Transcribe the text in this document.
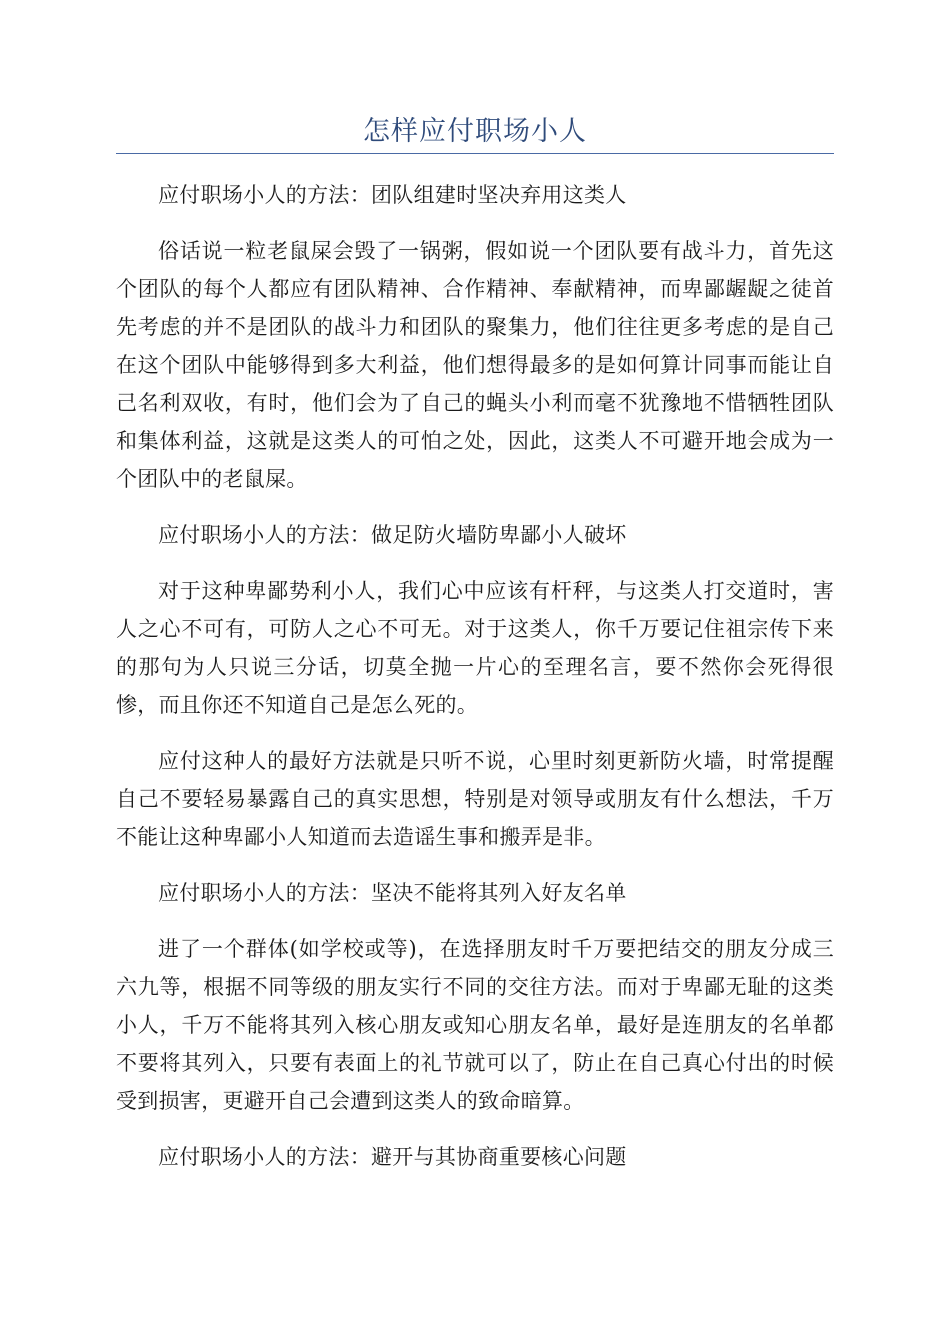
怎样应付职场小人

应付职场小人的方法：团队组建时坚决弃用这类人

俗话说一粒老鼠屎会毁了一锅粥，假如说一个团队要有战斗力，首先这个团队的每个人都应有团队精神、合作精神、奉献精神，而卑鄙龌龊之徒首先考虑的并不是团队的战斗力和团队的聚集力，他们往往更多考虑的是自己在这个团队中能够得到多大利益，他们想得最多的是如何算计同事而能让自己名利双收，有时，他们会为了自己的蝇头小利而毫不犹豫地不惜牺牲团队和集体利益，这就是这类人的可怕之处，因此，这类人不可避开地会成为一个团队中的老鼠屎。

应付职场小人的方法：做足防火墙防卑鄙小人破坏

对于这种卑鄙势利小人，我们心中应该有杆秤，与这类人打交道时，害人之心不可有，可防人之心不可无。对于这类人，你千万要记住祖宗传下来的那句为人只说三分话，切莫全抛一片心的至理名言，要不然你会死得很惨，而且你还不知道自己是怎么死的。

应付这种人的最好方法就是只听不说，心里时刻更新防火墙，时常提醒自己不要轻易暴露自己的真实思想，特别是对领导或朋友有什么想法，千万不能让这种卑鄙小人知道而去造谣生事和搬弄是非。

应付职场小人的方法：坚决不能将其列入好友名单

进了一个群体(如学校或等)，在选择朋友时千万要把结交的朋友分成三六九等，根据不同等级的朋友实行不同的交往方法。而对于卑鄙无耻的这类小人，千万不能将其列入核心朋友或知心朋友名单，最好是连朋友的名单都不要将其列入，只要有表面上的礼节就可以了，防止在自己真心付出的时候受到损害，更避开自己会遭到这类人的致命暗算。

应付职场小人的方法：避开与其协商重要核心问题
